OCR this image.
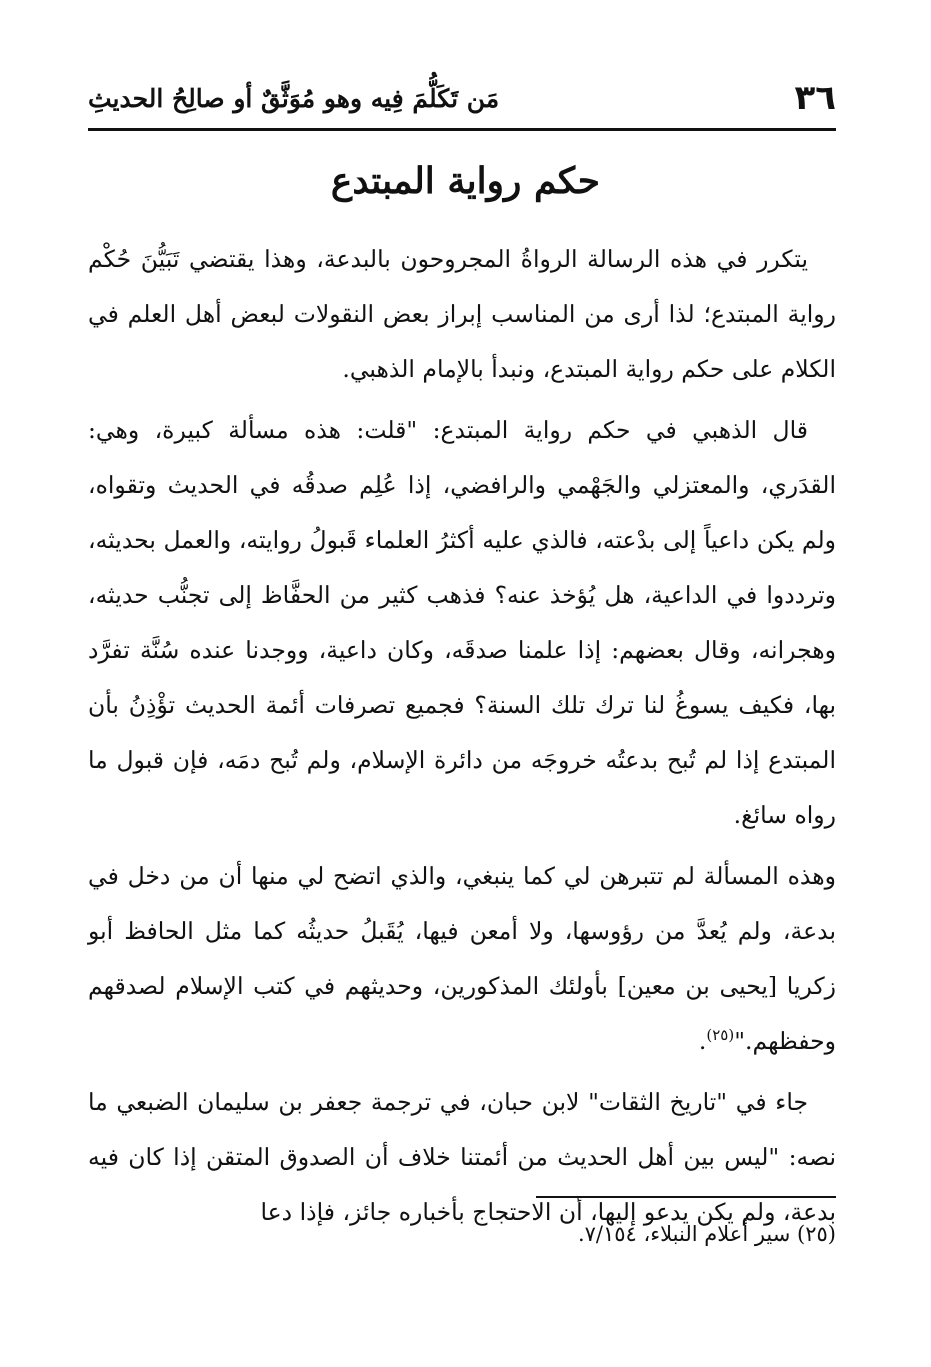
٣٦
مَن تَكَلُّمَ فِيه وهو مُوَثَّقٌ أو صالِحُ الحديثِ
حكم رواية المبتدع

يتكرر في هذه الرسالة الرواةُ المجروحون بالبدعة، وهذا يقتضي تَبَيُّنَ حُكْم رواية المبتدع؛ لذا أرى من المناسب إبراز بعض النقولات لبعض أهل العلم في الكلام على حكم رواية المبتدع، ونبدأ بالإمام الذهبي.

قال الذهبي في حكم رواية المبتدع: "قلت: هذه مسألة كبيرة، وهي: القدَري، والمعتزلي والجَهْمي والرافضي، إذا عُلِم صدقُه في الحديث وتقواه، ولم يكن داعياً إلى بدْعته، فالذي عليه أكثرُ العلماء قَبولُ روايته، والعمل بحديثه، وترددوا في الداعية، هل يُؤخذ عنه؟ فذهب كثير من الحفَّاظ إلى تجنُّب حديثه، وهجرانه، وقال بعضهم: إذا علمنا صدقَه، وكان داعية، ووجدنا عنده سُنَّة تفرَّد بها، فكيف يسوغُ لنا ترك تلك السنة؟ فجميع تصرفات أئمة الحديث تؤْذِنُ بأن المبتدع إذا لم تُبح بدعتُه خروجَه من دائرة الإسلام، ولم تُبح دمَه، فإن قبول ما رواه سائغ.

وهذه المسألة لم تتبرهن لي كما ينبغي، والذي اتضح لي منها أن من دخل في بدعة، ولم يُعدَّ من رؤوسها، ولا أمعن فيها، يُقَبلُ حديثُه كما مثل الحافظ أبو زكريا [يحيى بن معين] بأولئك المذكورين، وحديثهم في كتب الإسلام لصدقهم وحفظهم."$^{(٢٥)}$.

جاء في "تاريخ الثقات" لابن حبان، في ترجمة جعفر بن سليمان الضبعي ما نصه: "ليس بين أهل الحديث من أئمتنا خلاف أن الصدوق المتقن إذا كان فيه بدعة، ولم يكن يدعو إليها، أن الاحتجاج بأخباره جائز، فإذا دعا

(٢٥) سير أعلام النبلاء، ٧/١٥٤.
